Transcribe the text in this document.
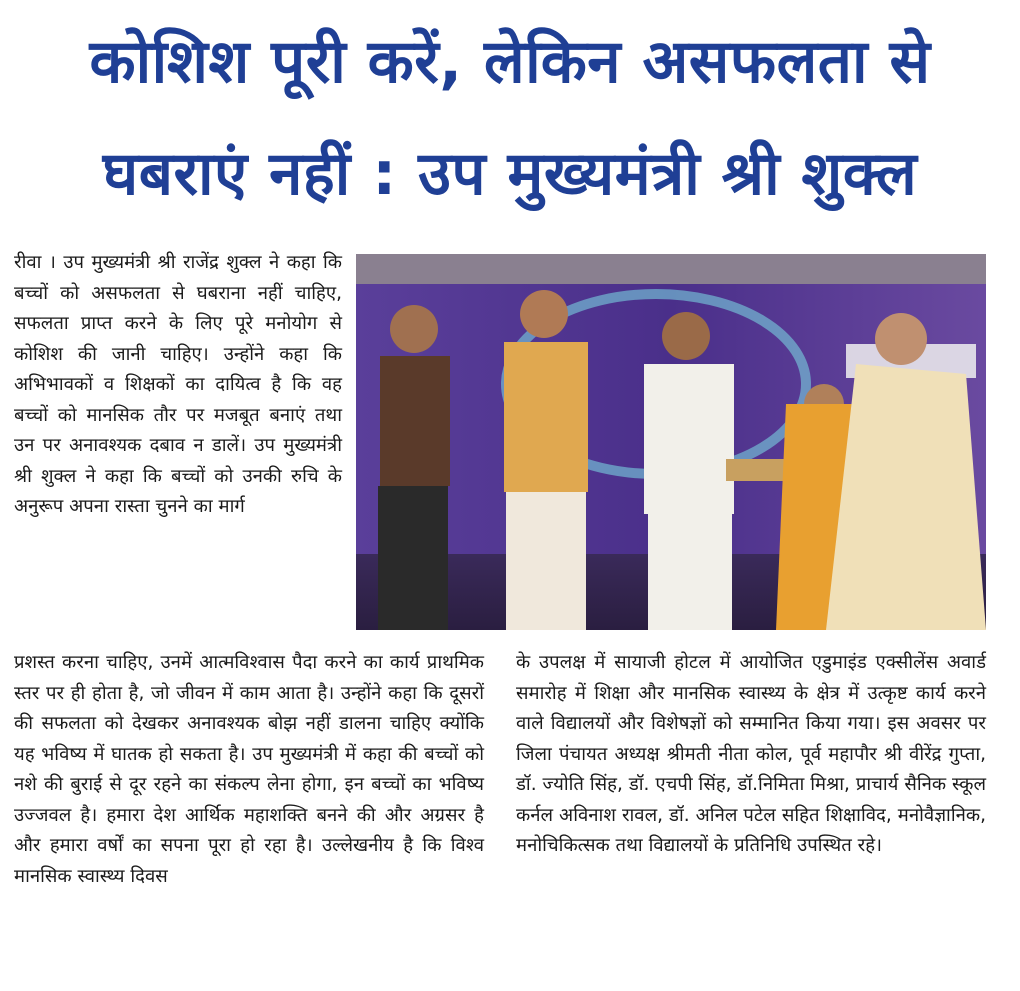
कोशिश पूरी करें, लेकिन असफलता से
घबराएं नहीं : उप मुख्यमंत्री श्री शुक्ल
रीवा । उप मुख्यमंत्री श्री राजेंद्र शुक्ल ने कहा कि बच्चों को असफलता से घबराना नहीं चाहिए, सफलता प्राप्त करने के लिए पूरे मनोयोग से कोशिश की जानी चाहिए। उन्होंने कहा कि अभिभावकों व शिक्षकों का दायित्व है कि वह बच्चों को मानसिक तौर पर मजबूत बनाएं तथा उन पर अनावश्यक दबाव न डालें। उप मुख्यमंत्री श्री शुक्ल ने कहा कि बच्चों को उनकी रुचि के अनुरूप अपना रास्ता चुनने का मार्ग
प्रशस्त करना चाहिए, उनमें आत्मविश्वास पैदा करने का कार्य प्राथमिक स्तर पर ही होता है, जो जीवन में काम आता है। उन्होंने कहा कि दूसरों की सफलता को देखकर अनावश्यक बोझ नहीं डालना चाहिए क्योंकि यह भविष्य में घातक हो सकता है। उप मुख्यमंत्री में कहा की बच्चों को नशे की बुराई से दूर रहने का संकल्प लेना होगा, इन बच्चों का भविष्य उज्जवल है। हमारा देश आर्थिक महाशक्ति बनने की और अग्रसर है और हमारा वर्षों का सपना पूरा हो रहा है। उल्लेखनीय है कि विश्व मानसिक स्वास्थ्य दिवस
के उपलक्ष में सायाजी होटल में आयोजित एडुमाइंड एक्सीलेंस अवार्ड समारोह में शिक्षा और मानसिक स्वास्थ्य के क्षेत्र में उत्कृष्ट कार्य करने वाले विद्यालयों और विशेषज्ञों को सम्मानित किया गया। इस अवसर पर जिला पंचायत अध्यक्ष श्रीमती नीता कोल, पूर्व महापौर श्री वीरेंद्र गुप्ता, डॉ. ज्योति सिंह, डॉ. एचपी सिंह, डॉ.निमिता मिश्रा, प्राचार्य सैनिक स्कूल कर्नल अविनाश रावल, डॉ. अनिल पटेल सहित शिक्षाविद, मनोवैज्ञानिक, मनोचिकित्सक तथा विद्यालयों के प्रतिनिधि उपस्थित रहे।
